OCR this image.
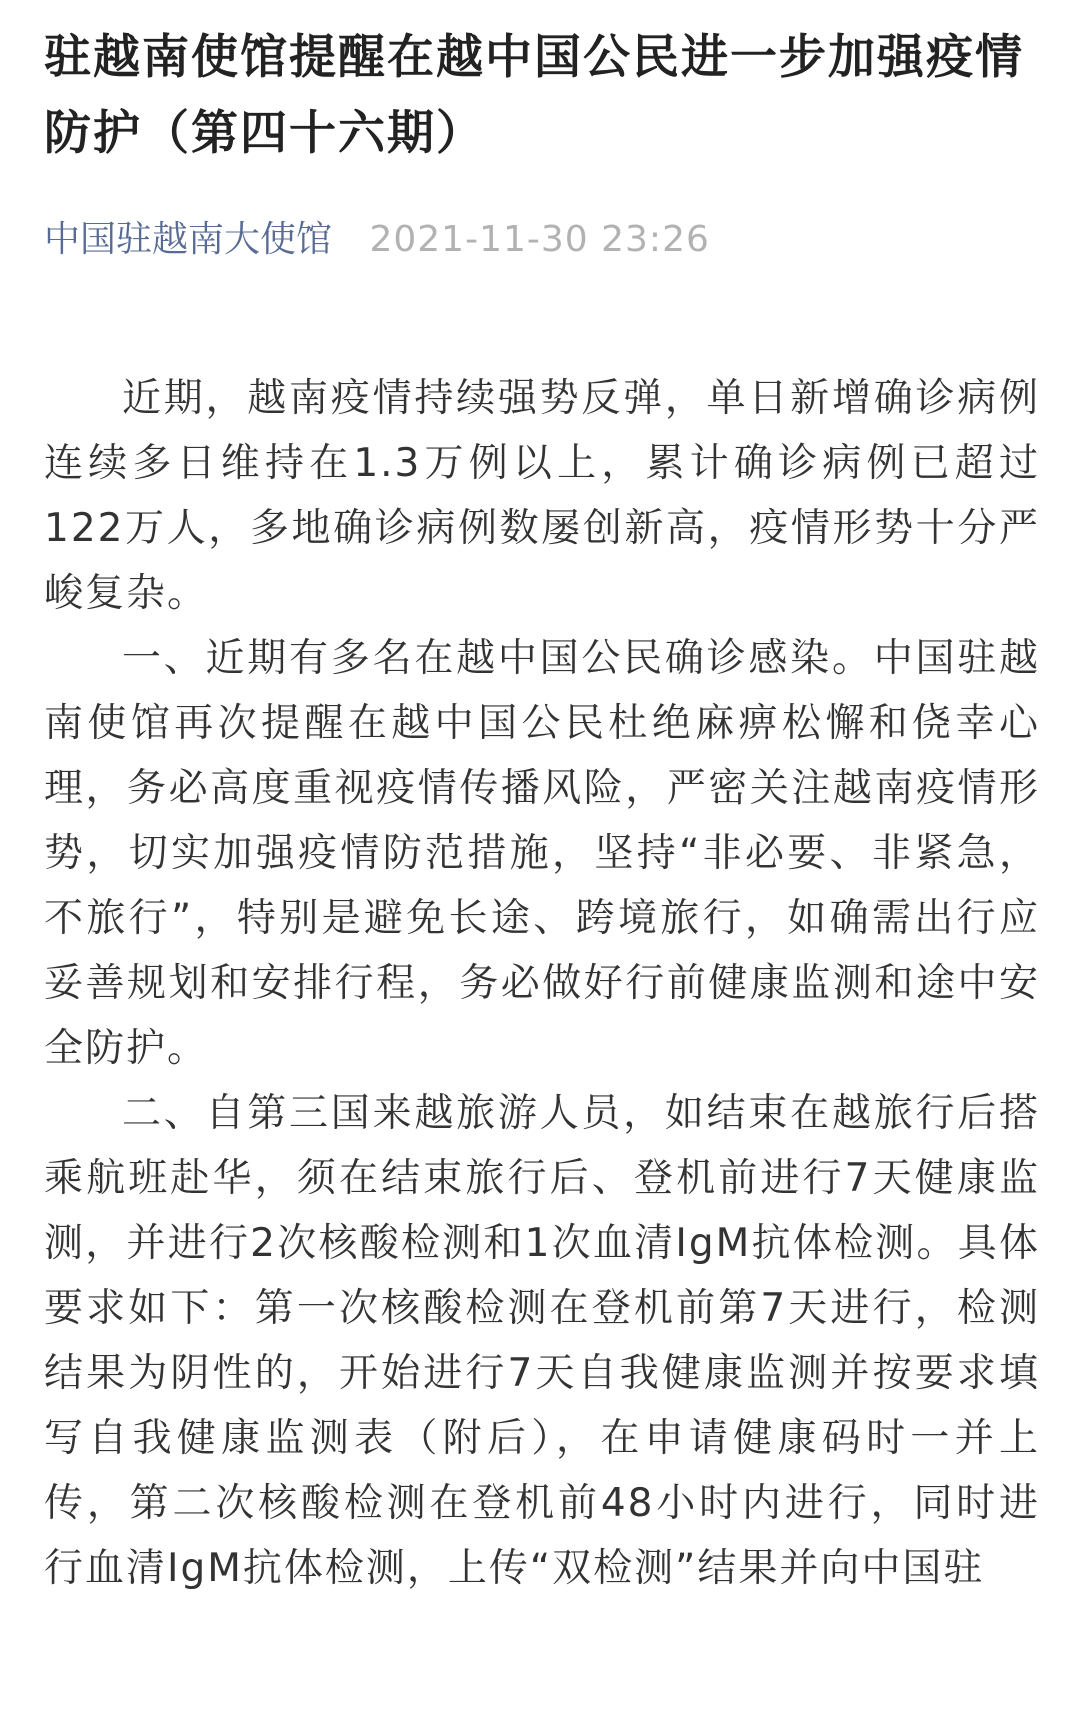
驻越南使馆提醒在越中国公民进一步加强疫情防护（第四十六期）
中国驻越南大使馆 2021-11-30 23:26

近期，越南疫情持续强势反弹，单日新增确诊病例连续多日维持在1.3万例以上，累计确诊病例已超过122万人，多地确诊病例数屡创新高，疫情形势十分严峻复杂。

一、近期有多名在越中国公民确诊感染。中国驻越南使馆再次提醒在越中国公民杜绝麻痹松懈和侥幸心理，务必高度重视疫情传播风险，严密关注越南疫情形势，切实加强疫情防范措施，坚持“非必要、非紧急，不旅行”，特别是避免长途、跨境旅行，如确需出行应妥善规划和安排行程，务必做好行前健康监测和途中安全防护。

二、自第三国来越旅游人员，如结束在越旅行后搭乘航班赴华，须在结束旅行后、登机前进行7天健康监测，并进行2次核酸检测和1次血清IgM抗体检测。具体要求如下：第一次核酸检测在登机前第7天进行，检测结果为阴性的，开始进行7天自我健康监测并按要求填写自我健康监测表（附后），在申请健康码时一并上传，第二次核酸检测在登机前48小时内进行，同时进行血清IgM抗体检测，上传“双检测”结果并向中国驻
